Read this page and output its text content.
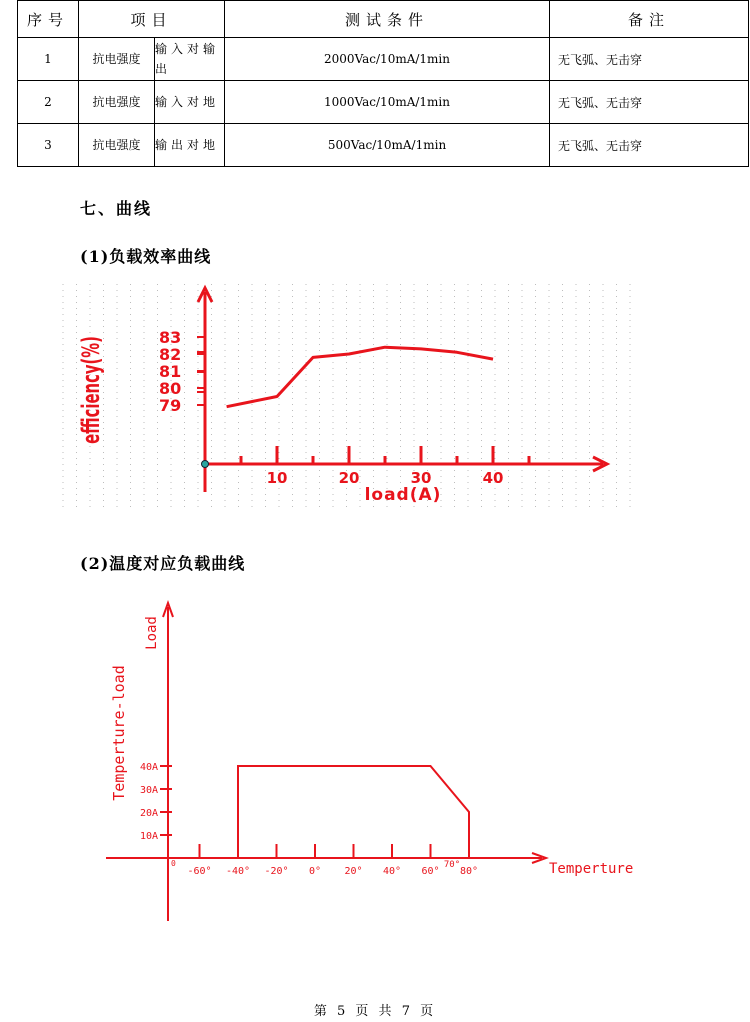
序号	项目		测试条件	备注
1	抗电强度	输入对输出	2000Vac/10mA/1min	无飞弧、无击穿
2	抗电强度	输入对地	1000Vac/10mA/1min	无飞弧、无击穿
3	抗电强度	输出对地	500Vac/10mA/1min	无飞弧、无击穿
七、曲线
(1)负载效率曲线
79
80
81
82
83
10	20	30	40
load(A)
efficiency(%)
(2)温度对应负载曲线
0
10A
20A
30A
40A
-60° -40° -20° 0° 20° 40° 60° 80°
Temperture-load
Load
Temperture
70°
第 5 页 共 7 页
